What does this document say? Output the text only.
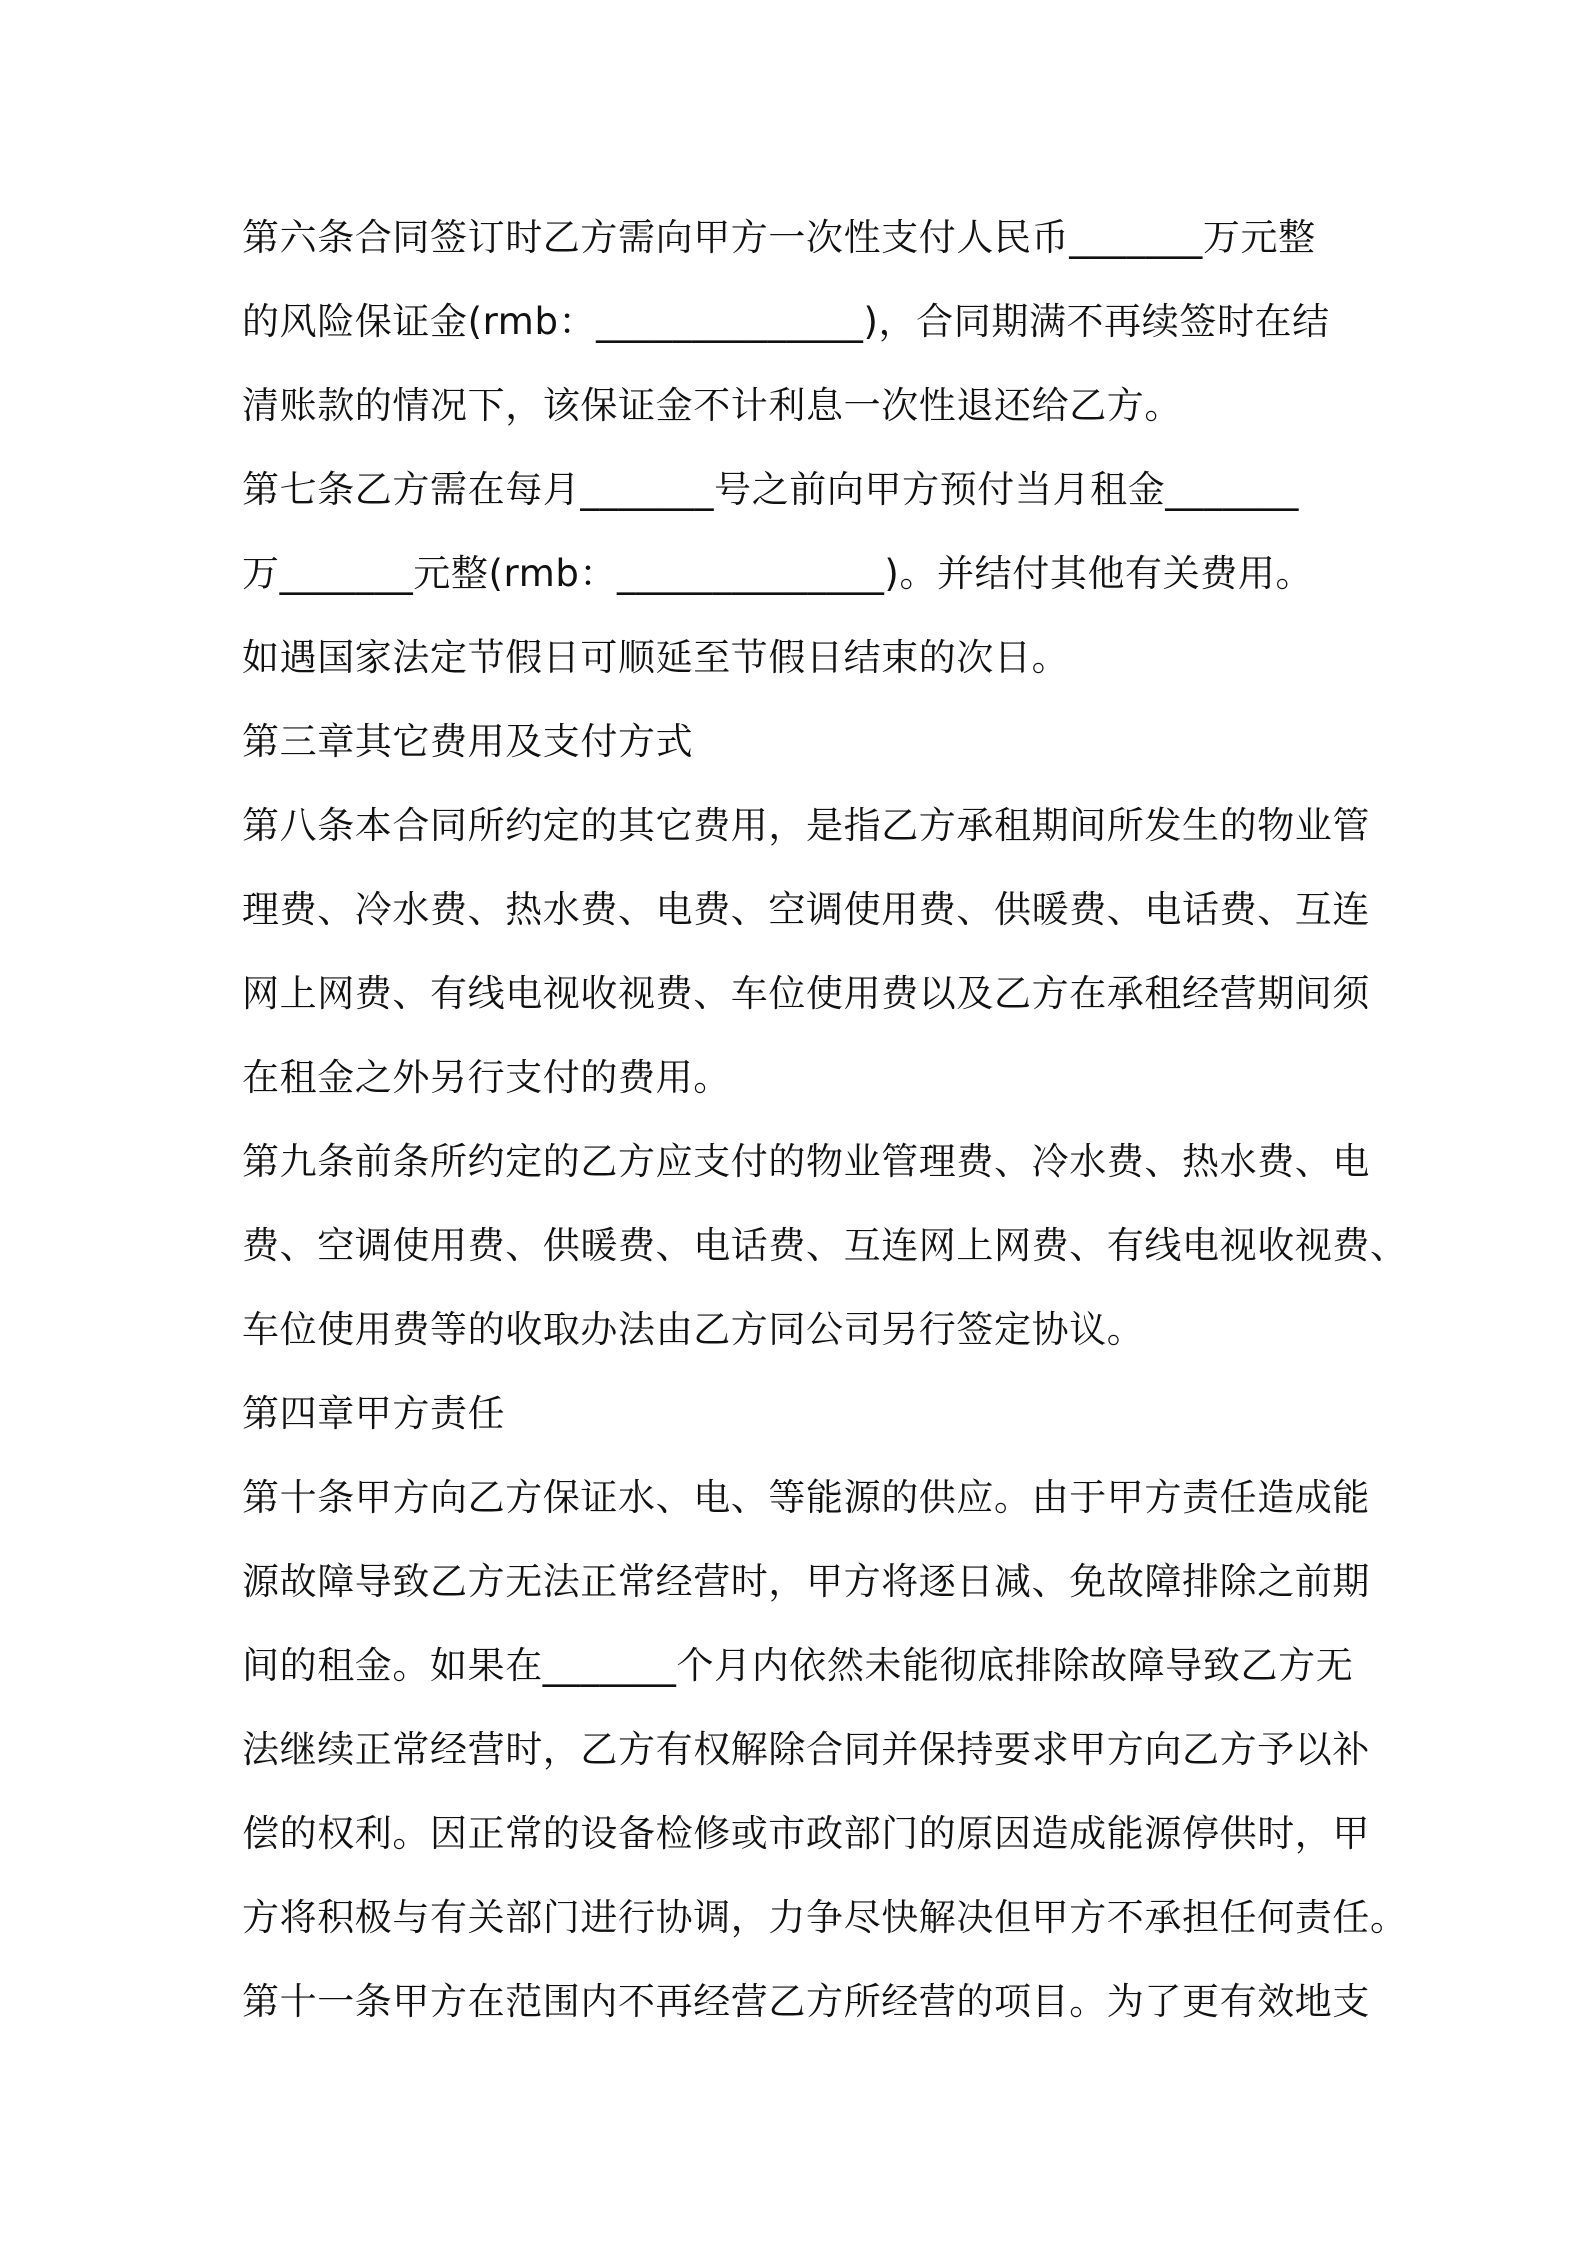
第六条合同签订时乙方需向甲方一次性支付人民币_______万元整
的风险保证金(rmb：______________)，合同期满不再续签时在结
清账款的情况下，该保证金不计利息一次性退还给乙方。
第七条乙方需在每月_______号之前向甲方预付当月租金_______
万_______元整(rmb：______________)。并结付其他有关费用。
如遇国家法定节假日可顺延至节假日结束的次日。
第三章其它费用及支付方式
第八条本合同所约定的其它费用，是指乙方承租期间所发生的物业管
理费、冷水费、热水费、电费、空调使用费、供暖费、电话费、互连
网上网费、有线电视收视费、车位使用费以及乙方在承租经营期间须
在租金之外另行支付的费用。
第九条前条所约定的乙方应支付的物业管理费、冷水费、热水费、电
费、空调使用费、供暖费、电话费、互连网上网费、有线电视收视费、
车位使用费等的收取办法由乙方同公司另行签定协议。
第四章甲方责任
第十条甲方向乙方保证水、电、等能源的供应。由于甲方责任造成能
源故障导致乙方无法正常经营时，甲方将逐日减、免故障排除之前期
间的租金。如果在_______个月内依然未能彻底排除故障导致乙方无
法继续正常经营时，乙方有权解除合同并保持要求甲方向乙方予以补
偿的权利。因正常的设备检修或市政部门的原因造成能源停供时，甲
方将积极与有关部门进行协调，力争尽快解决但甲方不承担任何责任。
第十一条甲方在范围内不再经营乙方所经营的项目。为了更有效地支
